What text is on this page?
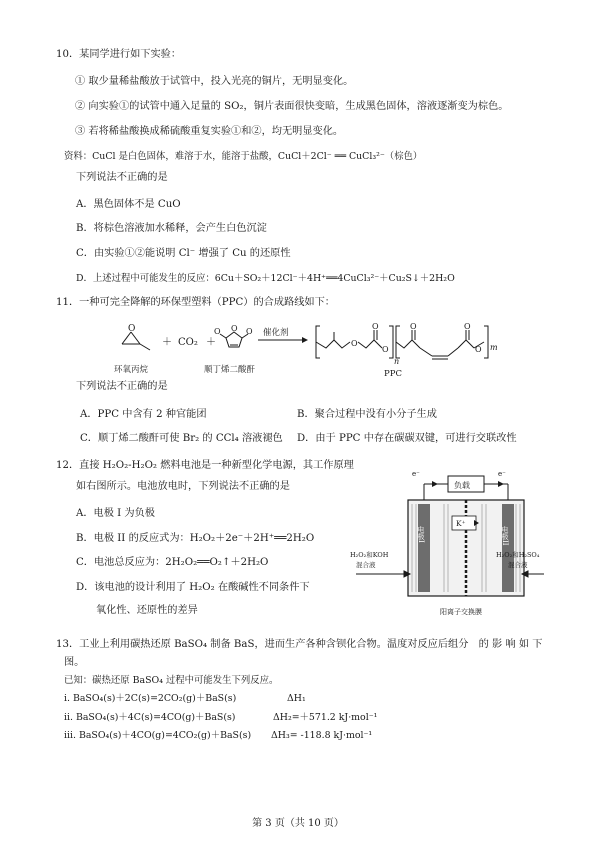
10．某同学进行如下实验：
① 取少量稀盐酸放于试管中，投入光亮的铜片，无明显变化。
② 向实验①的试管中通入足量的 SO₂，铜片表面很快变暗，生成黑色固体，溶液逐渐变为棕色。
③ 若将稀盐酸换成稀硫酸重复实验①和②，均无明显变化。
资料：CuCl 是白色固体，难溶于水，能溶于盐酸，CuCl＋2Cl⁻ ══ CuCl₃²⁻（棕色）
下列说法不正确的是
A．黑色固体不是 CuO
B．将棕色溶液加水稀释，会产生白色沉淀
C．由实验①②能说明 Cl⁻ 增强了 Cu 的还原性
D．上述过程中可能发生的反应：6Cu＋SO₂＋12Cl⁻＋4H⁺══4CuCl₃²⁻＋Cu₂S↓＋2H₂O
11．一种可完全降解的环保型塑料（PPC）的合成路线如下：
O
＋ CO₂ ＋
O O O 催化剂
O
O
O	O	O
O
n
m
环氧丙烷	顺丁烯二酸酐	PPC
下列说法不正确的是
A．PPC 中含有 2 种官能团	B．聚合过程中没有小分子生成
C．顺丁烯二酸酐可使 Br₂ 的 CCl₄ 溶液褪色 D．由于 PPC 中存在碳碳双键，可进行交联改性
12．直接 H₂O₂-H₂O₂ 燃料电池是一种新型化学电源，其工作原理
如右图所示。电池放电时，下列说法不正确的是
A．电极 I 为负极
B．电极 II 的反应式为：H₂O₂＋2e⁻＋2H⁺══2H₂O
C．电池总反应为：2H₂O₂══O₂↑＋2H₂O
D．该电池的设计利用了 H₂O₂ 在酸碱性不同条件下
氧化性、还原性的差异
负载
e⁻	e⁻
电极I	电极II
K⁺
H₂O₂和KOH
混合液
H₂O₂和H₂SO₄
混合液
阳离子交换膜
13．工业上利用碳热还原 BaSO₄ 制备 BaS，进而生产各种含钡化合物。温度对反应后组分　的 影 响 如 下
图。
已知：碳热还原 BaSO₄ 过程中可能发生下列反应。
ⅰ. BaSO₄(s)＋2C(s)=2CO₂(g)＋BaS(s)	ΔH₁
ⅱ. BaSO₄(s)＋4C(s)=4CO(g)＋BaS(s)	ΔH₂=＋571.2 kJ·mol⁻¹
ⅲ. BaSO₄(s)＋4CO(g)=4CO₂(g)＋BaS(s) ΔH₃= -118.8 kJ·mol⁻¹
第 3 页（共 10 页）
